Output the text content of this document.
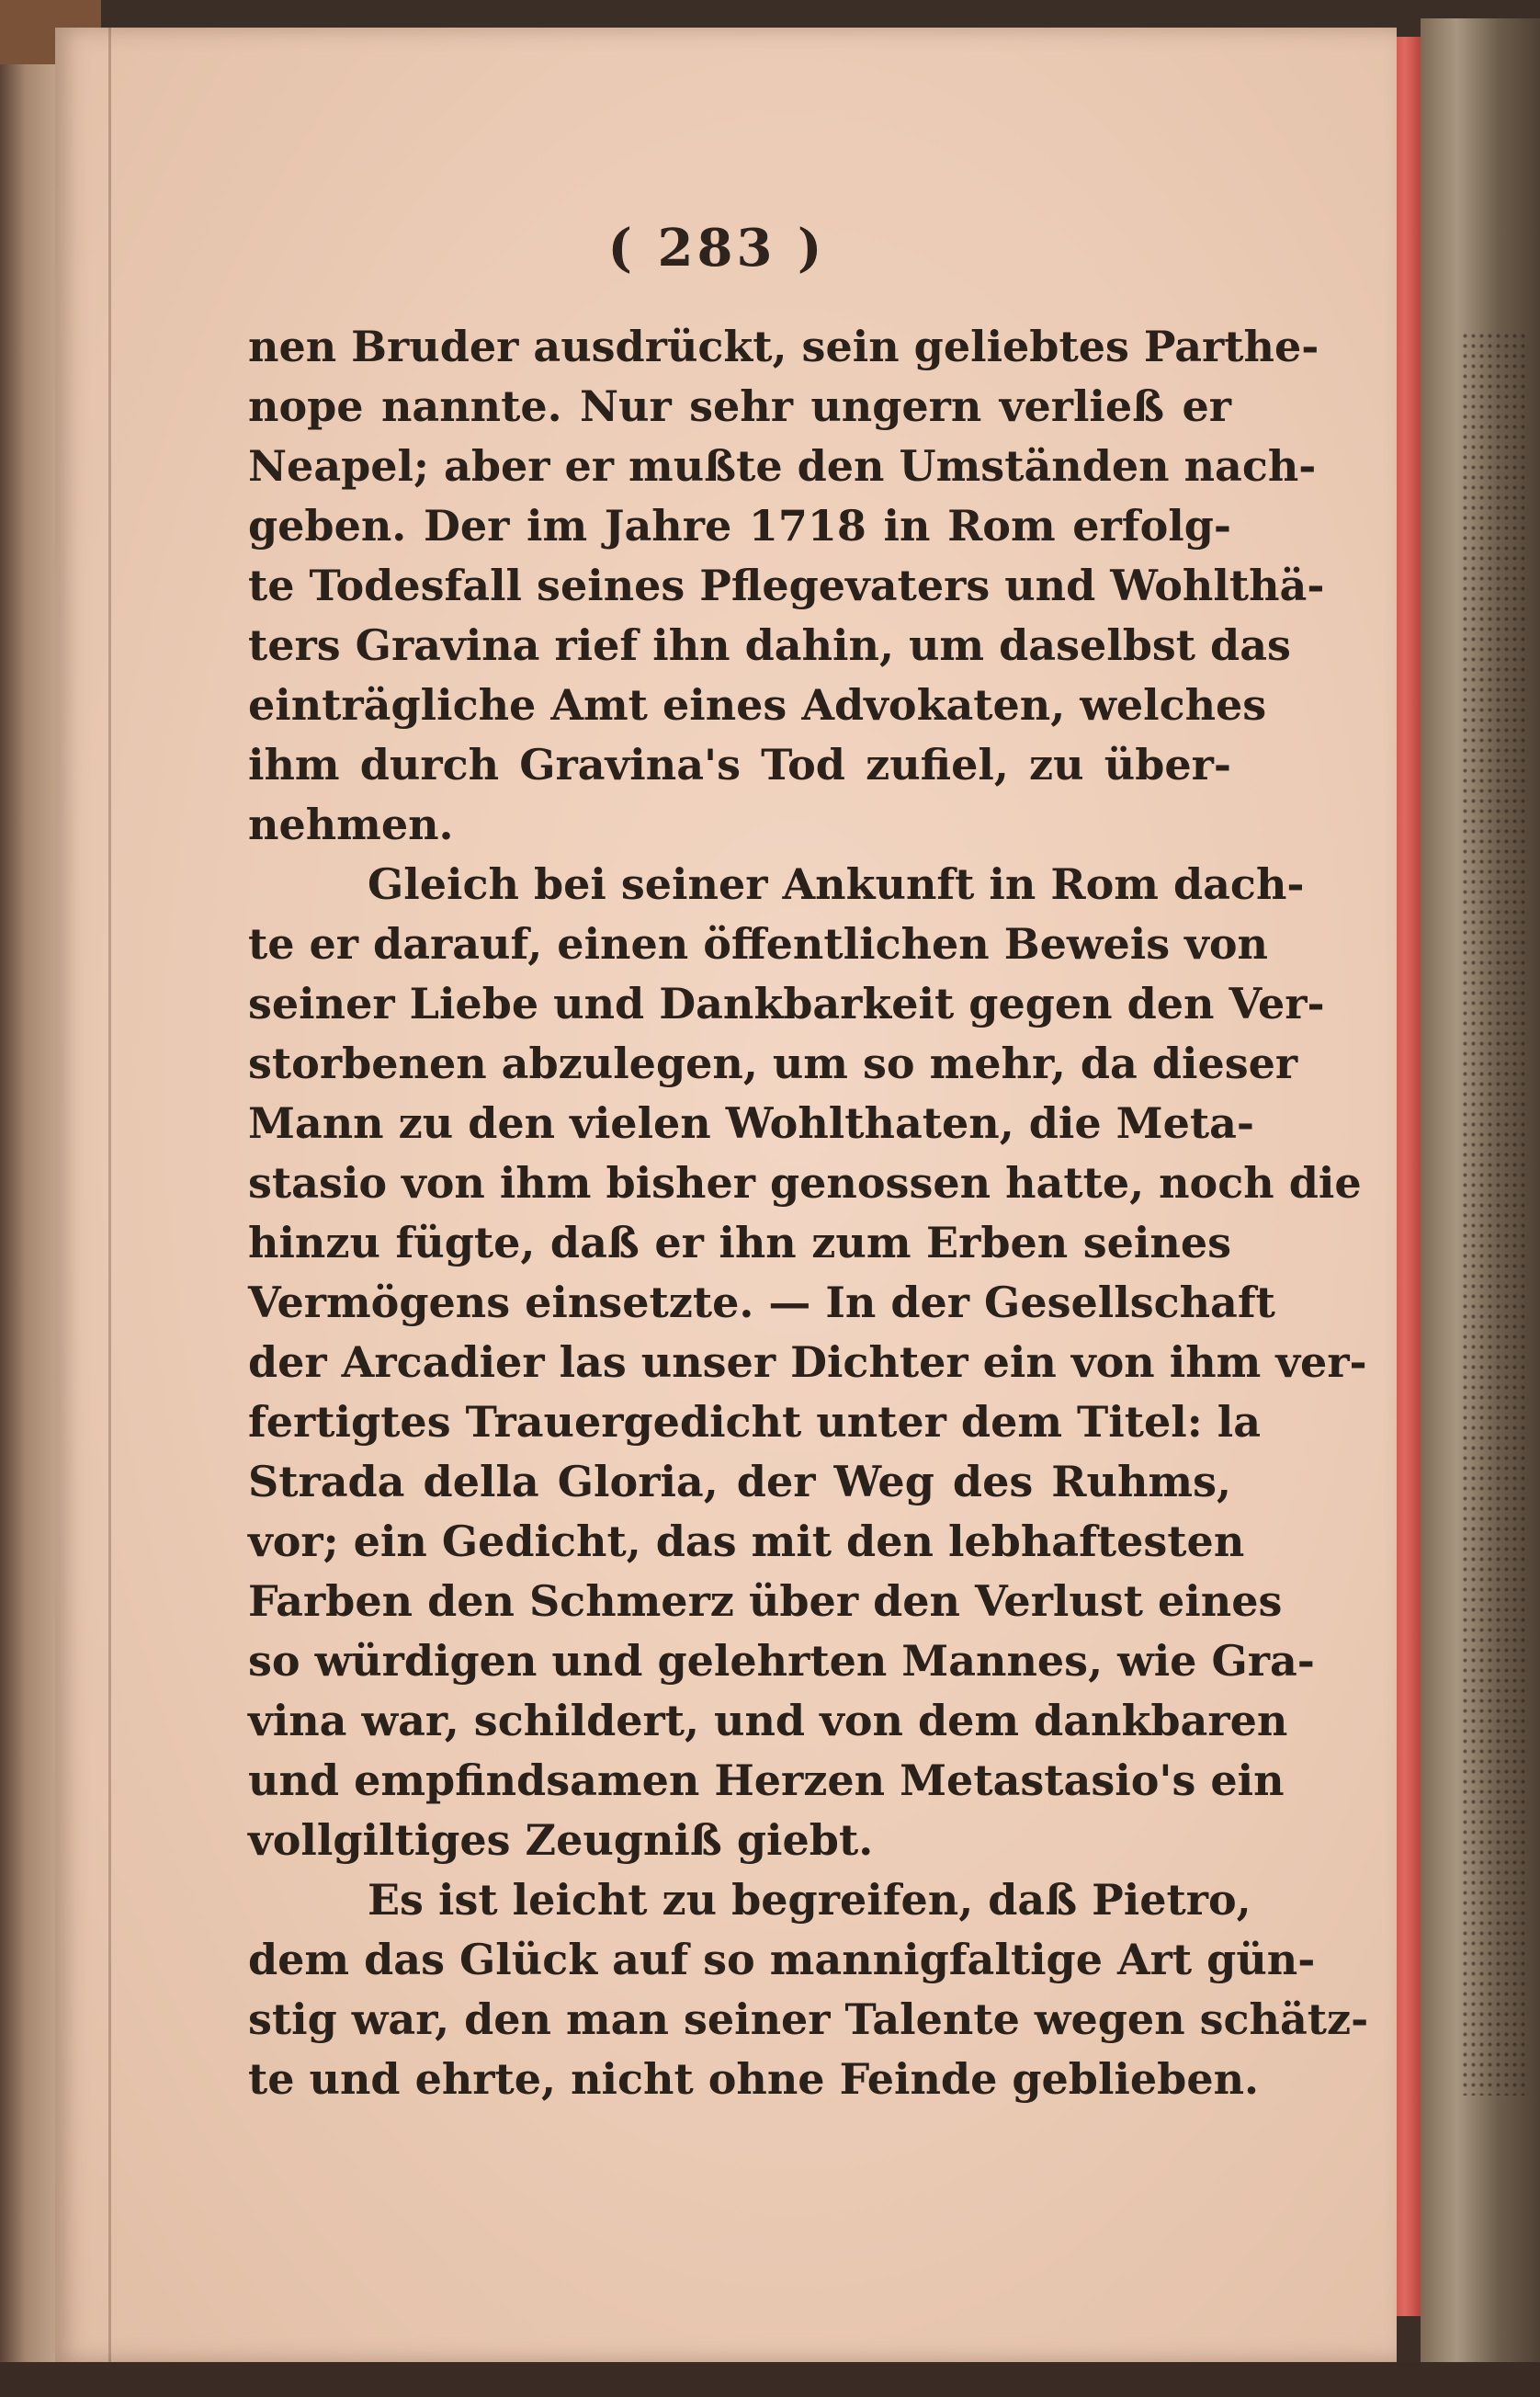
( 283 )

nen Bruder ausdrückt, sein geliebtes Parthe-
nope nannte. Nur sehr ungern verließ er
Neapel; aber er mußte den Umständen nach-
geben. Der im Jahre 1718 in Rom erfolg-
te Todesfall seines Pflegevaters und Wohlthä-
ters Gravina rief ihn dahin, um daselbst das
einträgliche Amt eines Advokaten, welches
ihm durch Gravina's Tod zufiel, zu über-
nehmen.
Gleich bei seiner Ankunft in Rom dach-
te er darauf, einen öffentlichen Beweis von
seiner Liebe und Dankbarkeit gegen den Ver-
storbenen abzulegen, um so mehr, da dieser
Mann zu den vielen Wohlthaten, die Meta-
stasio von ihm bisher genossen hatte, noch die
hinzu fügte, daß er ihn zum Erben seines
Vermögens einsetzte. — In der Gesellschaft
der Arcadier las unser Dichter ein von ihm ver-
fertigtes Trauergedicht unter dem Titel: la
Strada della Gloria, der Weg des Ruhms,
vor; ein Gedicht, das mit den lebhaftesten
Farben den Schmerz über den Verlust eines
so würdigen und gelehrten Mannes, wie Gra-
vina war, schildert, und von dem dankbaren
und empfindsamen Herzen Metastasio's ein
vollgiltiges Zeugniß giebt.
Es ist leicht zu begreifen, daß Pietro,
dem das Glück auf so mannigfaltige Art gün-
stig war, den man seiner Talente wegen schätz-
te und ehrte, nicht ohne Feinde geblieben.
